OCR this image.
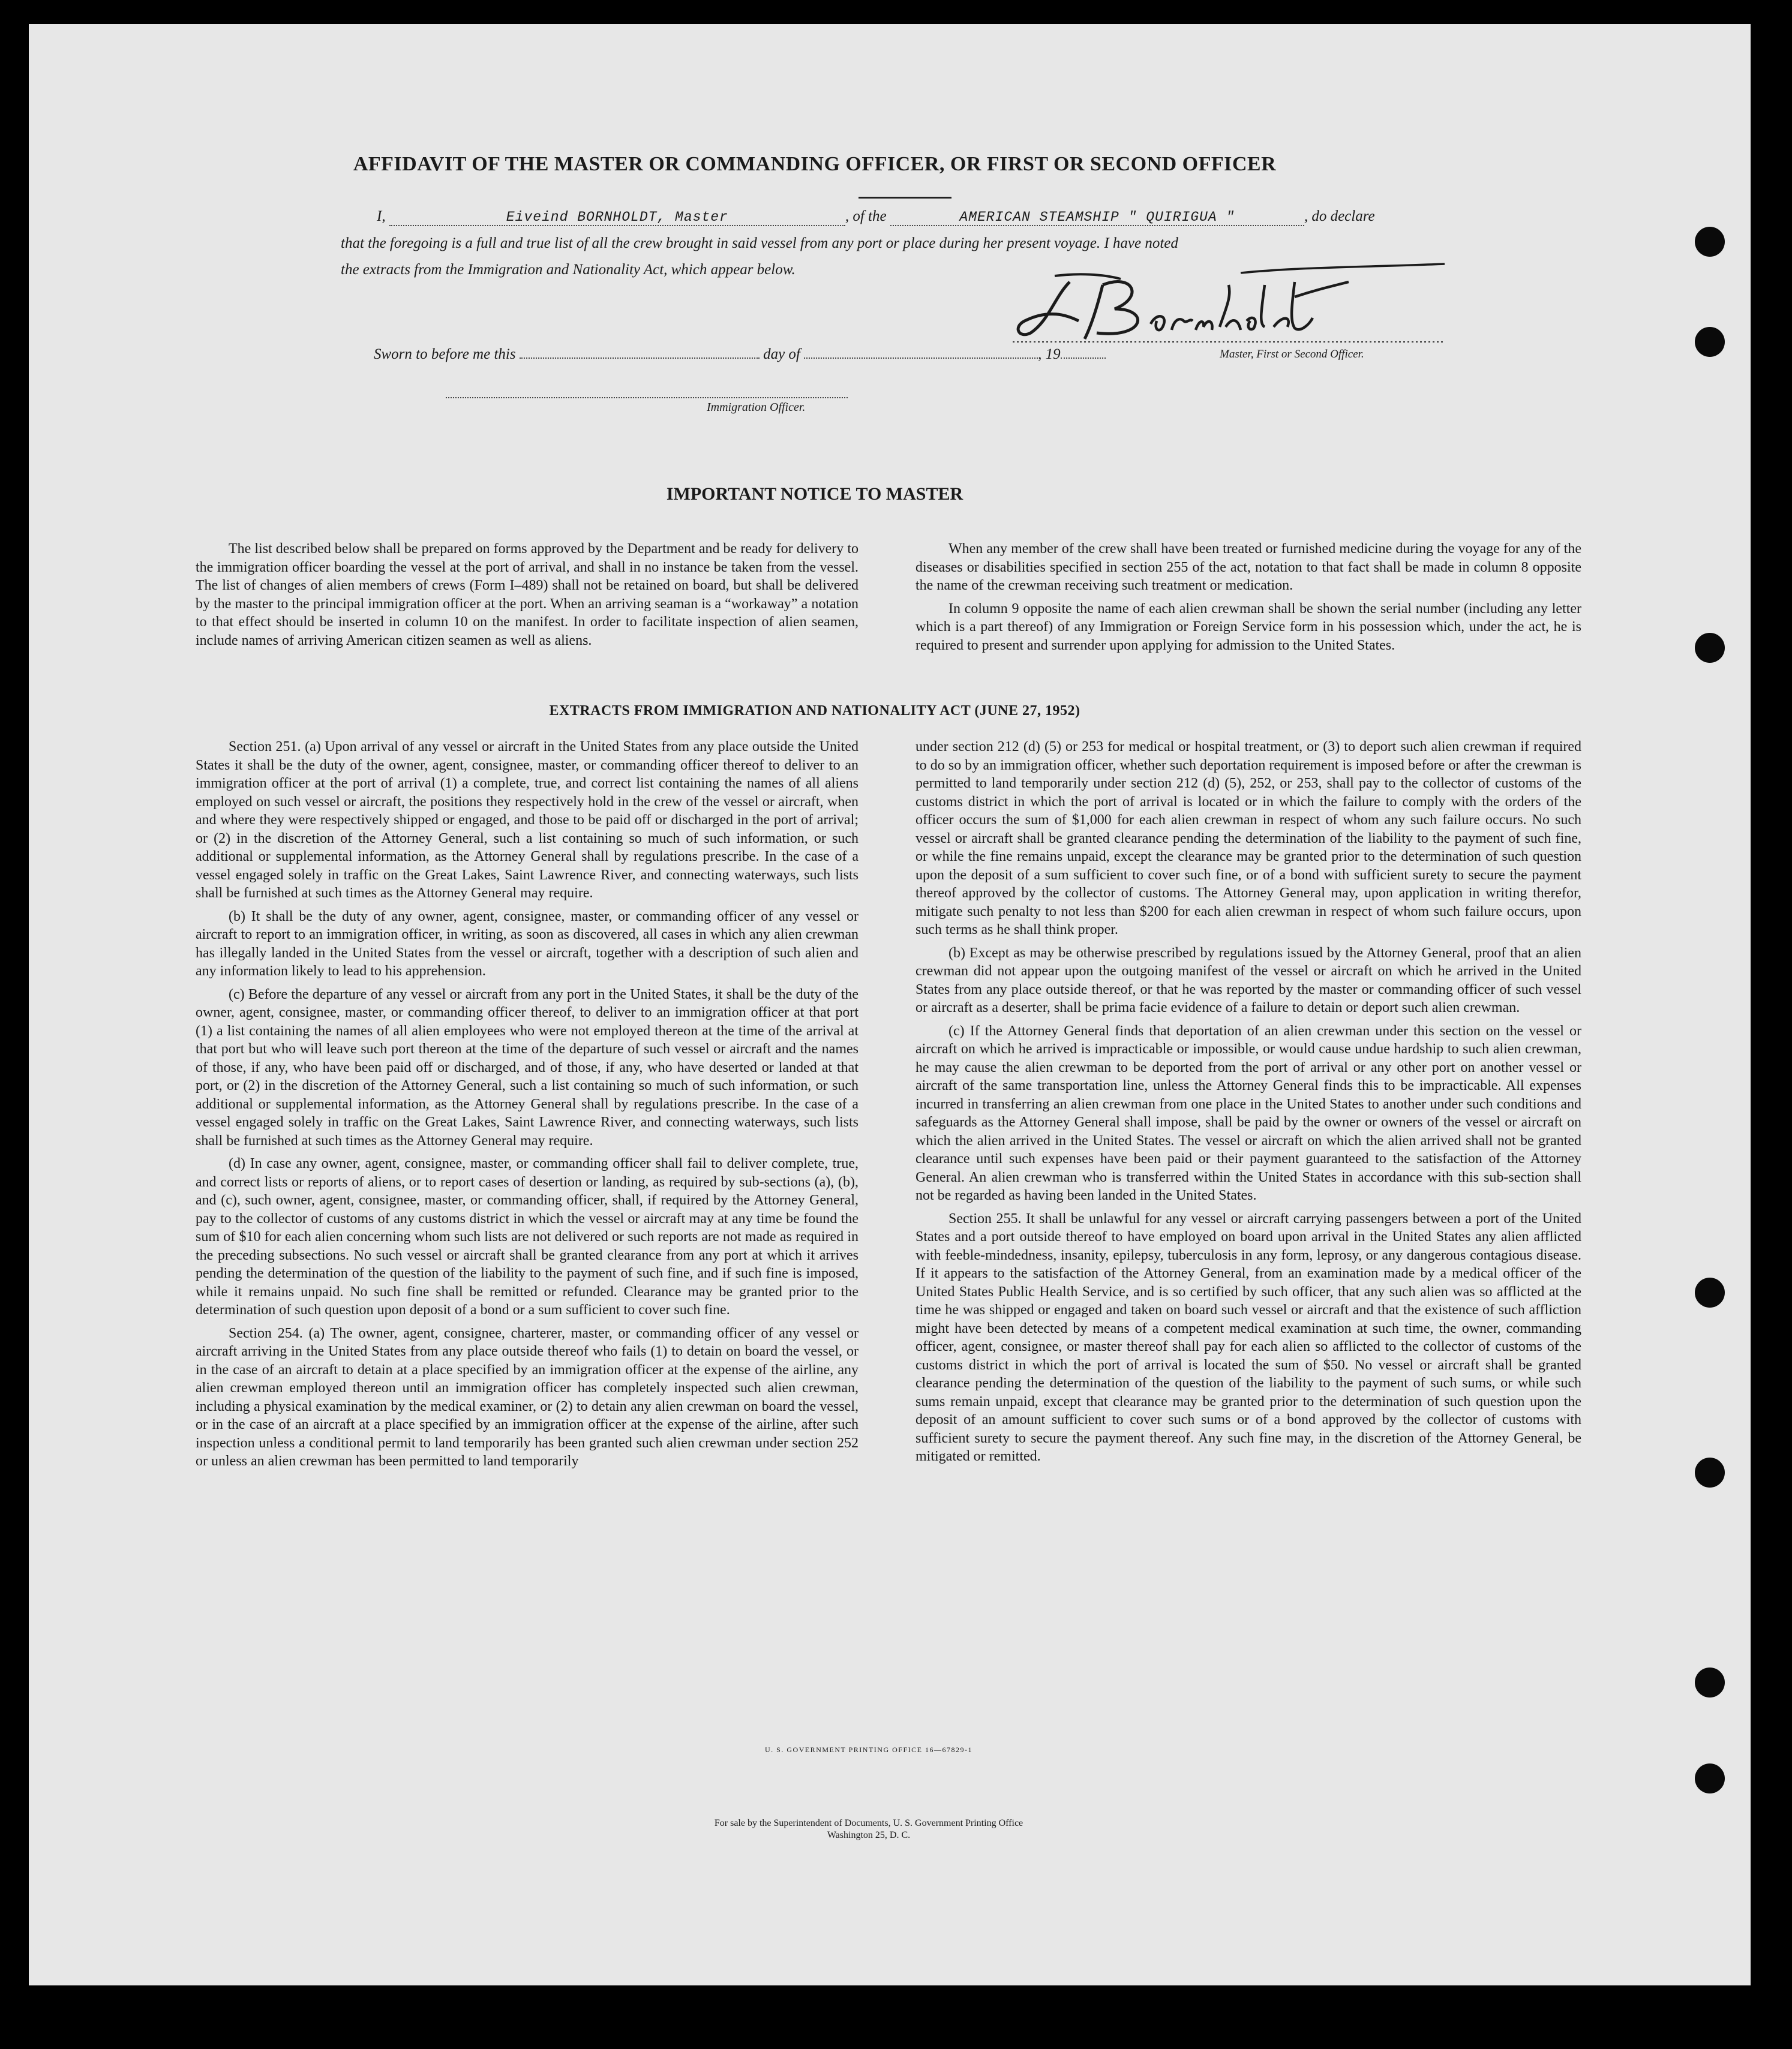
AFFIDAVIT OF THE MASTER OR COMMANDING OFFICER, OR FIRST OR SECOND OFFICER
I,	Eiveind BORNHOLDT, Master	, of the	AMERICAN STEAMSHIP " QUIRIGUA "	, do declare
that the foregoing is a full and true list of all the crew brought in said vessel from any port or place during her present voyage. I have noted
the extracts from the Immigration and Nationality Act, which appear below.
Master, First or Second Officer.
Sworn to before me this	day of	, 19
Immigration Officer.
IMPORTANT NOTICE TO MASTER

The list described below shall be prepared on forms approved by the Department and be ready for delivery to the immigration officer boarding the vessel at the port of arrival, and shall in no instance be taken from the vessel. The list of changes of alien members of crews (Form I–489) shall not be retained on board, but shall be delivered by the master to the principal immigration officer at the port. When an arriving seaman is a “workaway” a notation to that effect should be inserted in column 10 on the manifest. In order to facilitate inspection of alien seamen, include names of arriving American citizen seamen as well as aliens.

When any member of the crew shall have been treated or furnished medicine during the voyage for any of the diseases or disabilities specified in section 255 of the act, notation to that fact shall be made in column 8 opposite the name of the crewman receiving such treatment or medication.

In column 9 opposite the name of each alien crewman shall be shown the serial number (including any letter which is a part thereof) of any Immigration or Foreign Service form in his possession which, under the act, he is required to present and surrender upon applying for admission to the United States.

EXTRACTS FROM IMMIGRATION AND NATIONALITY ACT (JUNE 27, 1952)

Section 251. (a) Upon arrival of any vessel or aircraft in the United States from any place outside the United States it shall be the duty of the owner, agent, consignee, master, or commanding officer thereof to deliver to an immigration officer at the port of arrival (1) a complete, true, and correct list containing the names of all aliens employed on such vessel or aircraft, the positions they respectively hold in the crew of the vessel or aircraft, when and where they were respectively shipped or engaged, and those to be paid off or discharged in the port of arrival; or (2) in the discretion of the Attorney General, such a list containing so much of such information, or such additional or supplemental information, as the Attorney General shall by regulations prescribe. In the case of a vessel engaged solely in traffic on the Great Lakes, Saint Lawrence River, and connecting waterways, such lists shall be furnished at such times as the Attorney General may require.

(b) It shall be the duty of any owner, agent, consignee, master, or commanding officer of any vessel or aircraft to report to an immigration officer, in writing, as soon as discovered, all cases in which any alien crewman has illegally landed in the United States from the vessel or aircraft, together with a description of such alien and any information likely to lead to his apprehension.

(c) Before the departure of any vessel or aircraft from any port in the United States, it shall be the duty of the owner, agent, consignee, master, or commanding officer thereof, to deliver to an immigration officer at that port (1) a list containing the names of all alien employees who were not employed thereon at the time of the arrival at that port but who will leave such port thereon at the time of the departure of such vessel or aircraft and the names of those, if any, who have been paid off or discharged, and of those, if any, who have deserted or landed at that port, or (2) in the discretion of the Attorney General, such a list containing so much of such information, or such additional or supplemental information, as the Attorney General shall by regulations prescribe. In the case of a vessel engaged solely in traffic on the Great Lakes, Saint Lawrence River, and connecting waterways, such lists shall be furnished at such times as the Attorney General may require.

(d) In case any owner, agent, consignee, master, or commanding officer shall fail to deliver complete, true, and correct lists or reports of aliens, or to report cases of desertion or landing, as required by sub-sections (a), (b), and (c), such owner, agent, consignee, master, or commanding officer, shall, if required by the Attorney General, pay to the collector of customs of any customs district in which the vessel or aircraft may at any time be found the sum of $10 for each alien concerning whom such lists are not delivered or such reports are not made as required in the preceding subsections. No such vessel or aircraft shall be granted clearance from any port at which it arrives pending the determination of the question of the liability to the payment of such fine, and if such fine is imposed, while it remains unpaid. No such fine shall be remitted or refunded. Clearance may be granted prior to the determination of such question upon deposit of a bond or a sum sufficient to cover such fine.

Section 254. (a) The owner, agent, consignee, charterer, master, or commanding officer of any vessel or aircraft arriving in the United States from any place outside thereof who fails (1) to detain on board the vessel, or in the case of an aircraft to detain at a place specified by an immigration officer at the expense of the airline, any alien crewman employed thereon until an immigration officer has completely inspected such alien crewman, including a physical examination by the medical examiner, or (2) to detain any alien crewman on board the vessel, or in the case of an aircraft at a place specified by an immigration officer at the expense of the airline, after such inspection unless a conditional permit to land temporarily has been granted such alien crewman under section 252 or unless an alien crewman has been permitted to land temporarily

under section 212 (d) (5) or 253 for medical or hospital treatment, or (3) to deport such alien crewman if required to do so by an immigration officer, whether such deportation requirement is imposed before or after the crewman is permitted to land temporarily under section 212 (d) (5), 252, or 253, shall pay to the collector of customs of the customs district in which the port of arrival is located or in which the failure to comply with the orders of the officer occurs the sum of $1,000 for each alien crewman in respect of whom any such failure occurs. No such vessel or aircraft shall be granted clearance pending the determination of the liability to the payment of such fine, or while the fine remains unpaid, except the clearance may be granted prior to the determination of such question upon the deposit of a sum sufficient to cover such fine, or of a bond with sufficient surety to secure the payment thereof approved by the collector of customs. The Attorney General may, upon application in writing therefor, mitigate such penalty to not less than $200 for each alien crewman in respect of whom such failure occurs, upon such terms as he shall think proper.

(b) Except as may be otherwise prescribed by regulations issued by the Attorney General, proof that an alien crewman did not appear upon the outgoing manifest of the vessel or aircraft on which he arrived in the United States from any place outside thereof, or that he was reported by the master or commanding officer of such vessel or aircraft as a deserter, shall be prima facie evidence of a failure to detain or deport such alien crewman.

(c) If the Attorney General finds that deportation of an alien crewman under this section on the vessel or aircraft on which he arrived is impracticable or impossible, or would cause undue hardship to such alien crewman, he may cause the alien crewman to be deported from the port of arrival or any other port on another vessel or aircraft of the same transportation line, unless the Attorney General finds this to be impracticable. All expenses incurred in transferring an alien crewman from one place in the United States to another under such conditions and safeguards as the Attorney General shall impose, shall be paid by the owner or owners of the vessel or aircraft on which the alien arrived in the United States. The vessel or aircraft on which the alien arrived shall not be granted clearance until such expenses have been paid or their payment guaranteed to the satisfaction of the Attorney General. An alien crewman who is transferred within the United States in accordance with this sub-section shall not be regarded as having been landed in the United States.

Section 255. It shall be unlawful for any vessel or aircraft carrying passengers between a port of the United States and a port outside thereof to have employed on board upon arrival in the United States any alien afflicted with feeble-mindedness, insanity, epilepsy, tuberculosis in any form, leprosy, or any dangerous contagious disease. If it appears to the satisfaction of the Attorney General, from an examination made by a medical officer of the United States Public Health Service, and is so certified by such officer, that any such alien was so afflicted at the time he was shipped or engaged and taken on board such vessel or aircraft and that the existence of such affliction might have been detected by means of a competent medical examination at such time, the owner, commanding officer, agent, consignee, or master thereof shall pay for each alien so afflicted to the collector of customs of the customs district in which the port of arrival is located the sum of $50. No vessel or aircraft shall be granted clearance pending the determination of the question of the liability to the payment of such sums, or while such sums remain unpaid, except that clearance may be granted prior to the determination of such question upon the deposit of an amount sufficient to cover such sums or of a bond approved by the collector of customs with sufficient surety to secure the payment thereof. Any such fine may, in the discretion of the Attorney General, be mitigated or remitted.

U. S. GOVERNMENT PRINTING OFFICE 16—67829-1
For sale by the Superintendent of Documents, U. S. Government Printing Office
Washington 25, D. C.
